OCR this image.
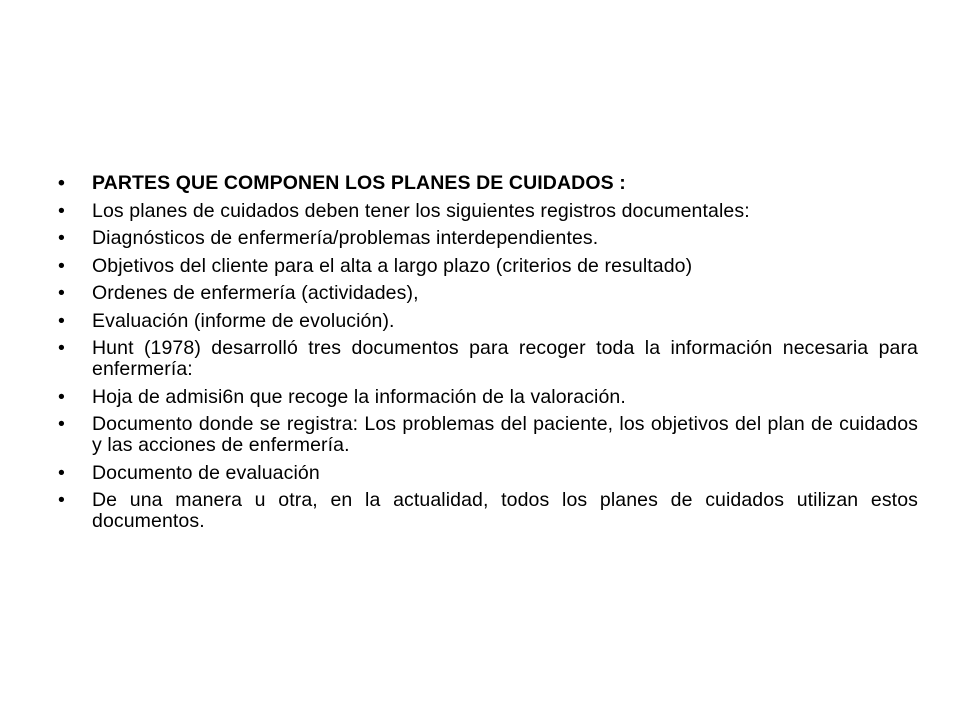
•	PARTES QUE COMPONEN LOS PLANES DE CUIDADOS :
•	Los planes de cuidados deben tener los siguientes registros documentales:
•	Diagnósticos de enfermería/problemas interdependientes.
•	Objetivos del cliente para el alta a largo plazo (criterios de resultado)
•	Ordenes de enfermería (actividades),
•	Evaluación (informe de evolución).
•	Hunt (1978) desarrolló tres documentos para recoger toda la información necesaria para enfermería:
•	Hoja de admisi6n que recoge la información de la valoración.
•	Documento donde se registra: Los problemas del paciente, los objetivos del plan de cuidados y las acciones de enfermería.
•	Documento de evaluación
•	De una manera u otra, en la actualidad, todos los planes de cuidados utilizan estos documentos.
